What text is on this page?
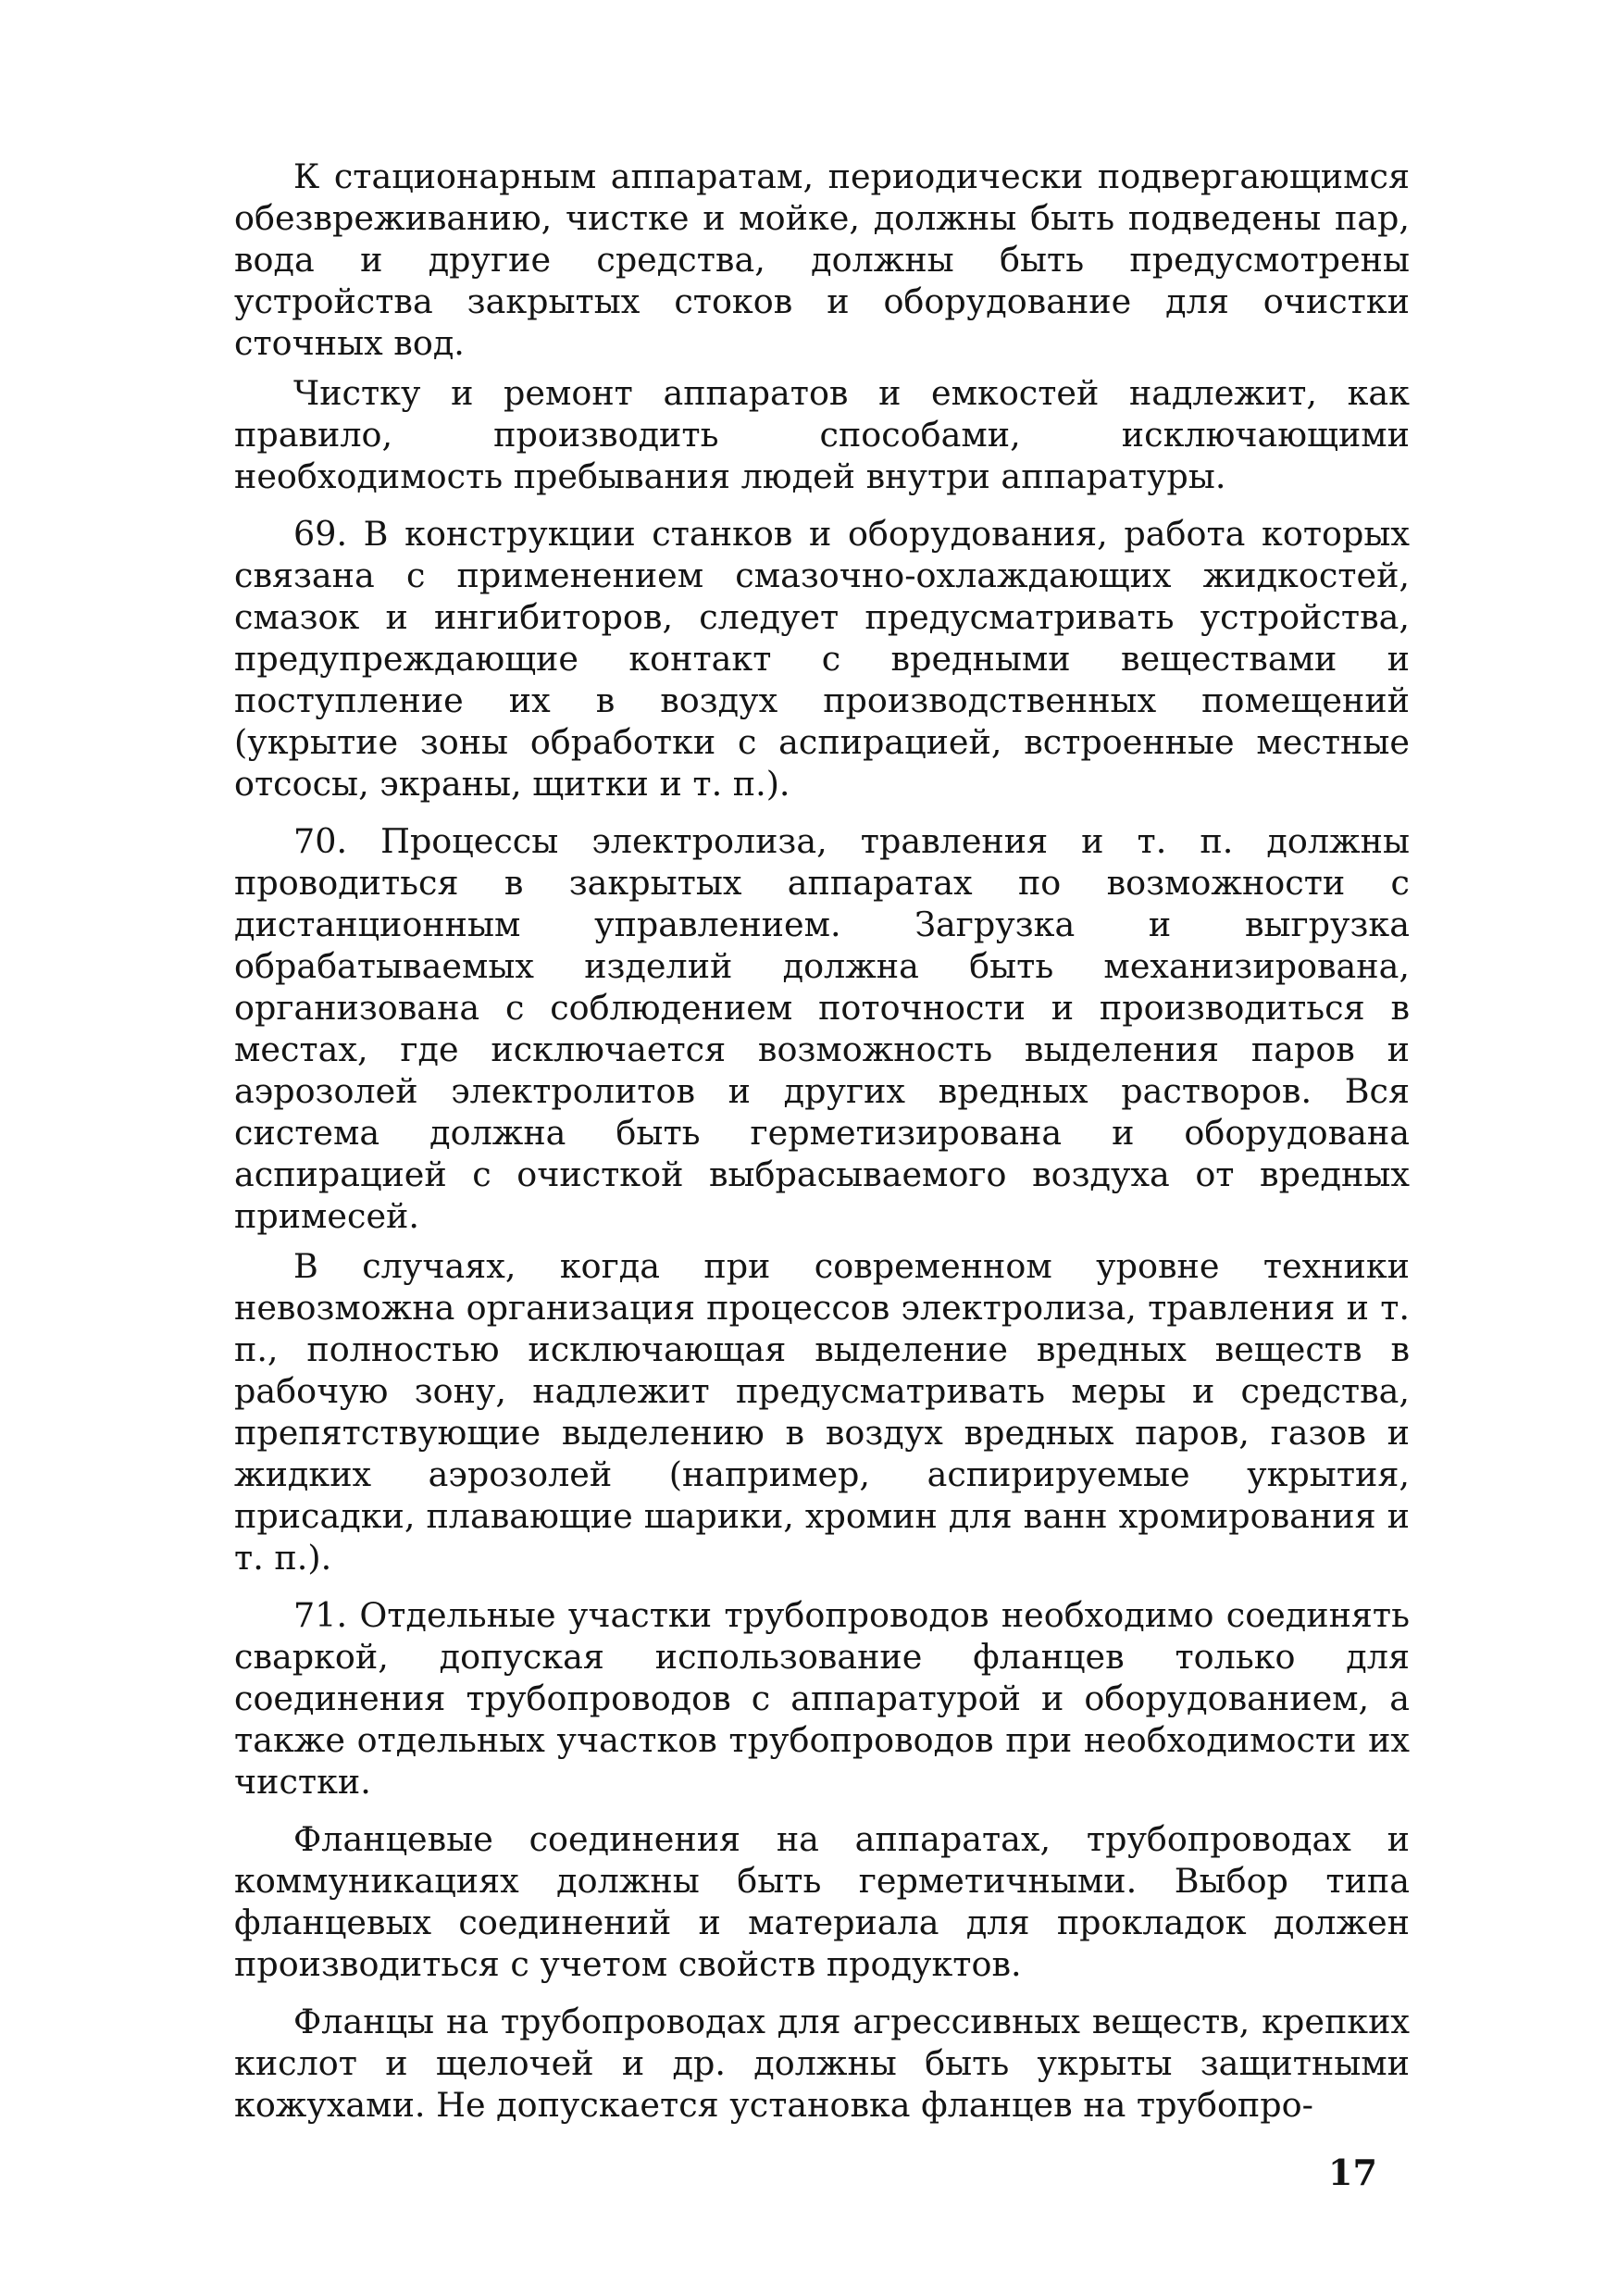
К стационарным аппаратам, периодически подвергающимся обезвреживанию, чистке и мойке, должны быть подведены пар, вода и другие средства, должны быть предусмотрены устройства закрытых стоков и оборудование для очистки сточных вод.

Чистку и ремонт аппаратов и емкостей надлежит, как правило, производить способами, исключающими необходимость пребывания людей внутри аппаратуры.

69. В конструкции станков и оборудования, работа которых связана с применением смазочно-охлаждающих жидкостей, смазок и ингибиторов, следует предусматривать устройства, предупреждающие контакт с вредными веществами и поступление их в воздух производственных помещений (укрытие зоны обработки с аспирацией, встроенные местные отсосы, экраны, щитки и т. п.).

70. Процессы электролиза, травления и т. п. должны проводиться в закрытых аппаратах по возможности с дистанционным управлением. Загрузка и выгрузка обрабатываемых изделий должна быть механизирована, организована с соблюдением поточности и производиться в местах, где исключается возможность выделения паров и аэрозолей электролитов и других вредных растворов. Вся система должна быть герметизирована и оборудована аспирацией с очисткой выбрасываемого воздуха от вредных примесей.

В случаях, когда при современном уровне техники невозможна организация процессов электролиза, травления и т. п., полностью исключающая выделение вредных веществ в рабочую зону, надлежит предусматривать меры и средства, препятствующие выделению в воздух вредных паров, газов и жидких аэрозолей (например, аспирируемые укрытия, присадки, плавающие шарики, хромин для ванн хромирования и т. п.).

71. Отдельные участки трубопроводов необходимо соединять сваркой, допуская использование фланцев только для соединения трубопроводов с аппаратурой и оборудованием, а также отдельных участков трубопроводов при необходимости их чистки.

Фланцевые соединения на аппаратах, трубопроводах и коммуникациях должны быть герметичными. Выбор типа фланцевых соединений и материала для прокладок должен производиться с учетом свойств продуктов.

Фланцы на трубопроводах для агрессивных веществ, крепких кислот и щелочей и др. должны быть укрыты защитными кожухами. Не допускается установка фланцев на трубопро-

17
